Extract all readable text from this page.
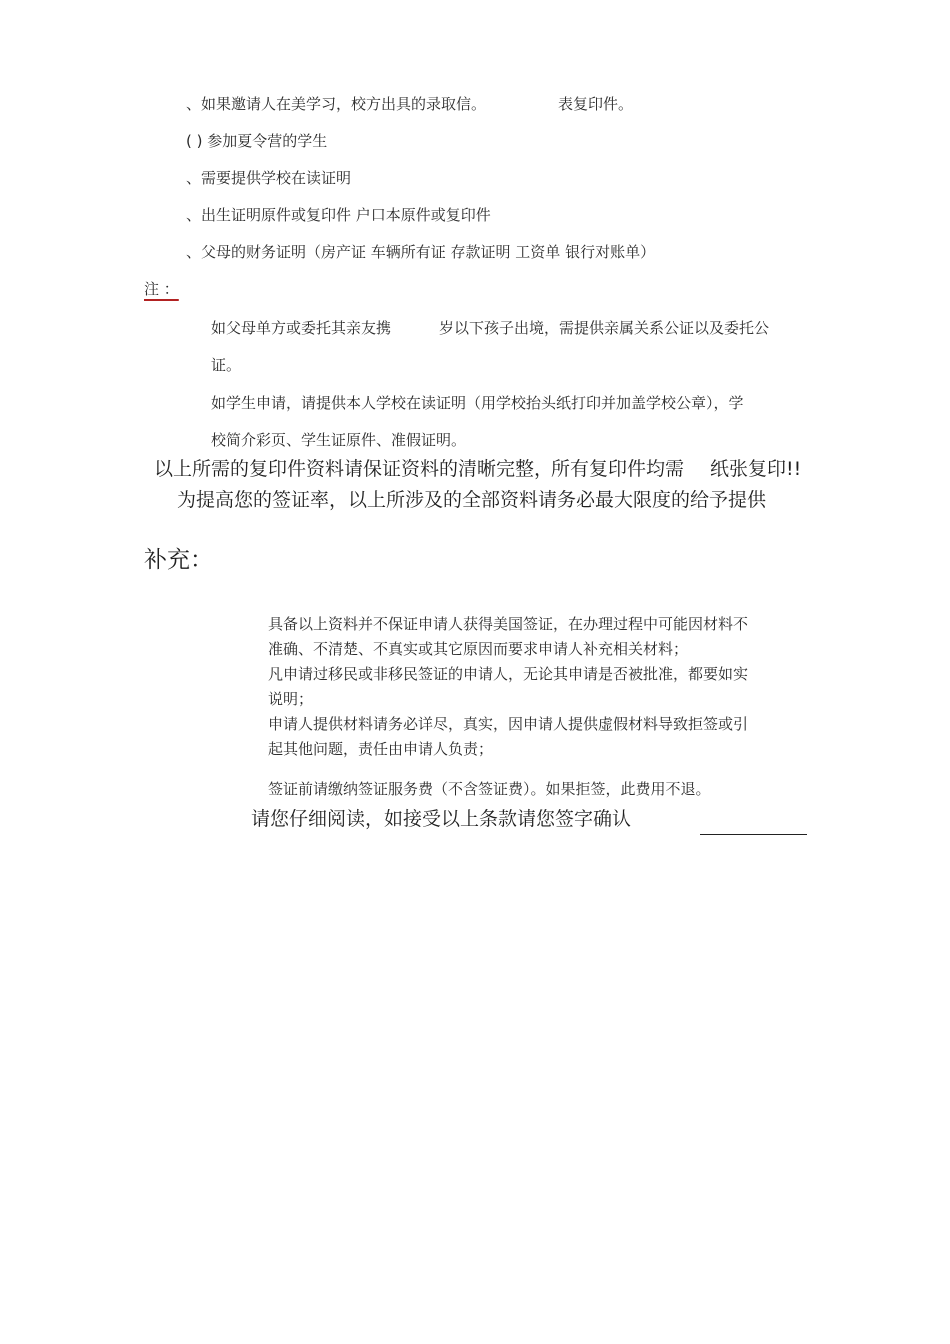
、如果邀请人在美学习，校方出具的录取信。	表复印件。
( ) 参加夏令营的学生
、需要提供学校在读证明
、出生证明原件或复印件 户口本原件或复印件
、父母的财务证明（房产证 车辆所有证 存款证明 工资单 银行对账单）
注 ：
如父母单方或委托其亲友携	岁以下孩子出境，需提供亲属关系公证以及委托公
证。
如学生申请，请提供本人学校在读证明（用学校抬头纸打印并加盖学校公章），学
校简介彩页、学生证原件、准假证明。
以上所需的复印件资料请保证资料的清晰完整，
所有复印件均需 纸张复印!!
为提高您的签证率，以上所涉及的全部资料请务必最大限度的给予提供
补充：
具备以上资料并不保证申请人获得美国签证，在办理过程中可能因材料不
准确、不清楚、不真实或其它原因而要求申请人补充相关材料；
凡申请过移民或非移民签证的申请人，无论其申请是否被批准，都要如实
说明；
申请人提供材料请务必详尽，真实，因申请人提供虚假材料导致拒签或引
起其他问题，责任由申请人负责；
签证前请缴纳签证服务费（不含签证费）。如果拒签，此费用不退。
请您仔细阅读，如接受以上条款请您签字确认
